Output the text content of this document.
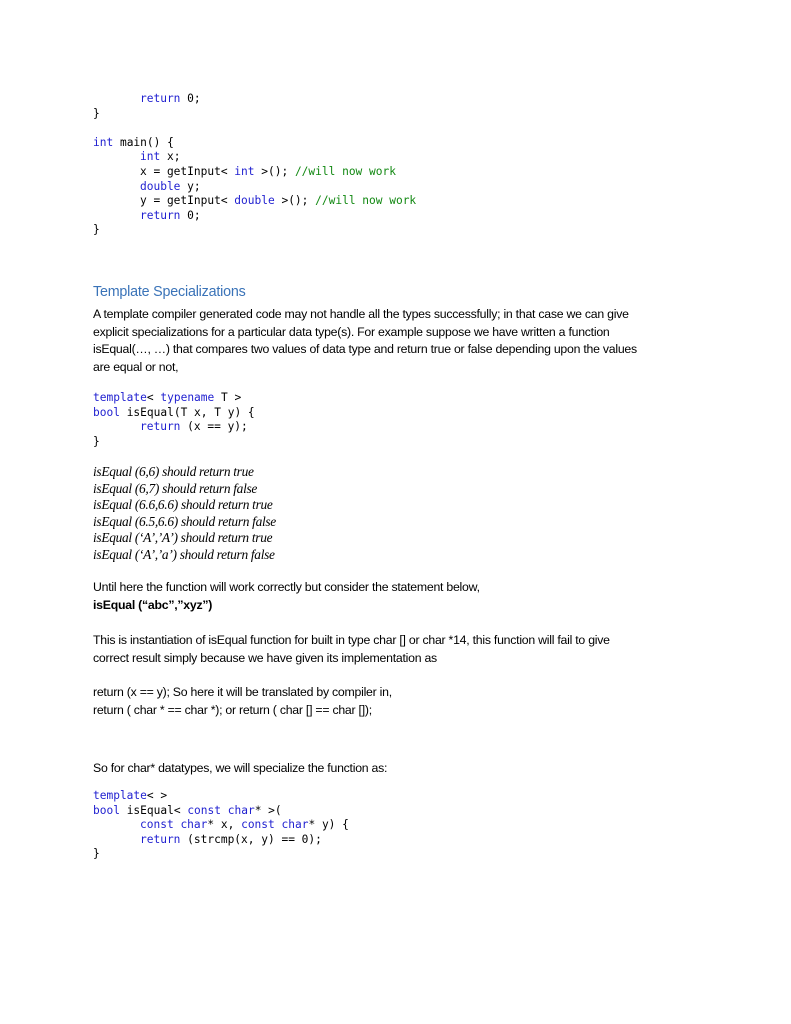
return 0;
}
int main() {
int x;
x = getInput< int >(); //will now work
double y;
y = getInput< double >(); //will now work
return 0;
}
Template Specializations

A template compiler generated code may not handle all the types successfully; in that case we can give

explicit specializations for a particular data type(s). For example suppose we have written a function

isEqual(…, …) that compares two values of data type and return true or false depending upon the values

are equal or not,

template< typename T >
bool isEqual(T x, T y) {
return (x == y);
}
isEqual (6,6) should return true
isEqual (6,7) should return false
isEqual (6.6,6.6) should return true
isEqual (6.5,6.6) should return false
isEqual (‘A’,’A’) should return true
isEqual (‘A’,’a’) should return false

Until here the function will work correctly but consider the statement below,

isEqual (“abc”,”xyz”)

This is instantiation of isEqual function for built in type char [] or char *14, this function will fail to give

correct result simply because we have given its implementation as

return (x == y); So here it will be translated by compiler in,

return ( char * == char *); or return ( char [] == char []);

So for char* datatypes, we will specialize the function as:

template< >
bool isEqual< const char* >(
const char* x, const char* y) {
return (strcmp(x, y) == 0);
}
